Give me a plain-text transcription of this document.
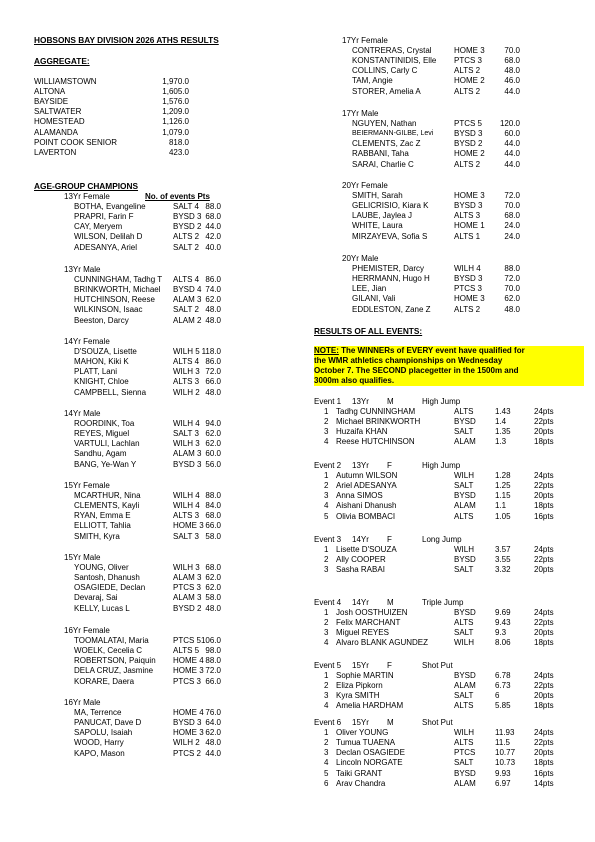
HOBSONS BAY DIVISION 2026 ATHS RESULTS
AGGREGATE:
WILLIAMSTOWN	1,970.0
ALTONA	1,605.0
BAYSIDE	1,576.0
SALTWATER	1,209.0
HOMESTEAD	1,126.0
ALAMANDA	1,079.0
POINT COOK SENIOR	818.0
LAVERTON	423.0
AGE-GROUP CHAMPIONS
No. of events Pts
13Yr Female
BOTHA, Evangeline	SALT 4 88.0
PRAPRI, Farin F	BYSD 3 68.0
CAY, Meryem	BYSD 2 44.0
WILSON, Delilah D	ALTS 2 42.0
ADESANYA, Ariel	SALT 2 40.0
13Yr Male
CUNNINGHAM, Tadhg T ALTS 4 86.0
BRINKWORTH, Michael BYSD 4 74.0
HUTCHINSON, Reese ALAM 3 62.0
WILKINSON, Isaac	SALT 2 48.0
Beeston, Darcy	ALAM 2 48.0
14Yr Female
D'SOUZA, Lisette	WILH 5 118.0
MAHON, Kiki K	ALTS 4 86.0
PLATT, Lani	WILH 3 72.0
KNIGHT, Chloe	ALTS 3 66.0
CAMPBELL, Sienna	WILH 2 48.0
14Yr Male
ROORDINK, Toa	WILH 4 94.0
REYES, Miguel	SALT 3 62.0
VARTULI, Lachlan	WILH 3 62.0
Sandhu, Agam	ALAM 3 60.0
BANG, Ye-Wan Y	BYSD 3 56.0
15Yr Female
MCARTHUR, Nina	WILH 4 88.0
CLEMENTS, Kayli	WILH 4 84.0
RYAN, Emma E	ALTS 3 68.0
ELLIOTT, Tahlia	HOME 3 66.0
SMITH, Kyra	SALT 3 58.0
15Yr Male
YOUNG, Oliver	WILH 3 68.0
Santosh, Dhanush	ALAM 3 62.0
OSAGIEDE, Declan	PTCS 3 62.0
Devaraj, Sai	ALAM 3 58.0
KELLY, Lucas L	BYSD 2 48.0
16Yr Female
TOOMALATAI, Maria	PTCS 5 106.0
WOELK, Cecelia C	ALTS 5 98.0
ROBERTSON, Paiquin HOME 4 88.0
DELA CRUZ, Jasmine HOME 3 72.0
KORARE, Daera	PTCS 3 66.0
16Yr Male
MA, Terrence	HOME 4 76.0
PANUCAT, Dave D	BYSD 3 64.0
SAPOLU, Isaiah	HOME 3 62.0
WOOD, Harry	WILH 2 48.0
KAPO, Mason	PTCS 2 44.0
17Yr Female
CONTRERAS, Crystal	HOME 3	70.0
KONSTANTINIDIS, Elle PTCS 3	68.0
COLLINS, Carly C	ALTS 2	48.0
TAM, Angie	HOME 2	46.0
STORER, Amelia A	ALTS 2	44.0
17Yr Male
NGUYEN, Nathan	PTCS 5	120.0
BEIERMANN-GILBE, Levi	BYSD 3	60.0
CLEMENTS, Zac Z	BYSD 2	44.0
RABBANI, Taha	HOME 2	44.0
SARAI, Charlie C	ALTS 2	44.0
20Yr Female
SMITH, Sarah	HOME 3	72.0
GELICRISIO, Kiara K	BYSD 3	70.0
LAUBE, Jaylea J	ALTS 3	68.0
WHITE, Laura	HOME 1	24.0
MIRZAYEVA, Sofia S	ALTS 1	24.0
20Yr Male
PHEMISTER, Darcy	WILH 4	88.0
HERRMANN, Hugo H	BYSD 3	72.0
LEE, Jian	PTCS 3	70.0
GILANI, Vali	HOME 3	62.0
EDDLESTON, Zane Z	ALTS 2	48.0
RESULTS OF ALL EVENTS:
NOTE: The WINNERs of EVERY event have qualified for
the WMR athletics championships on Wednesday
October 7. The SECOND placegetter in the 1500m and
3000m also qualifies.
Event 1 13Yr M	High Jump
1 Tadhg CUNNINGHAM	ALTS	1.43	24pts
2 Michael BRINKWORTH	BYSD 1.4	22pts
3 Huzaifa KHAN	SALT	1.35	20pts
4 Reese HUTCHINSON	ALAM 1.3	18pts
Event 2 13Yr F	High Jump
1 Autumn WILSON	WILH	1.28	24pts
2 Ariel ADESANYA	SALT	1.25	22pts
3 Anna SIMOS	BYSD 1.15	20pts
4 Aishani Dhanush	ALAM 1.1	18pts
5 Olivia BOMBACI	ALTS	1.05	16pts
Event 3 14Yr F	Long Jump
1 Lisette D'SOUZA	WILH	3.57	24pts
2 Ally COOPER	BYSD 3.55	22pts
3 Sasha RABAI	SALT	3.32	20pts
Event 4 14Yr M	Triple Jump
1 Josh OOSTHUIZEN	BYSD 9.69	24pts
2 Felix MARCHANT	ALTS	9.43	22pts
3 Miguel REYES	SALT	9.3	20pts
4 Alvaro BLANK AGUNDEZ	WILH	8.06	18pts
Event 5 15Yr F	Shot Put
1 Sophie MARTIN	BYSD 6.78	24pts
2 Eliza Pipkorn	ALAM 6.73	22pts
3 Kyra SMITH	SALT	6	20pts
4 Amelia HARDHAM	ALTS	5.85	18pts
Event 6 15Yr M	Shot Put
1 Oliver YOUNG	WILH	11.93 24pts
2 Tumua TUAENA	ALTS	11.5	22pts
3 Declan OSAGIEDE	PTCS 10.77 20pts
4 Lincoln NORGATE	SALT	10.73 18pts
5 Taiki GRANT	BYSD 9.93	16pts
6 Arav Chandra	ALAM 6.97	14pts
